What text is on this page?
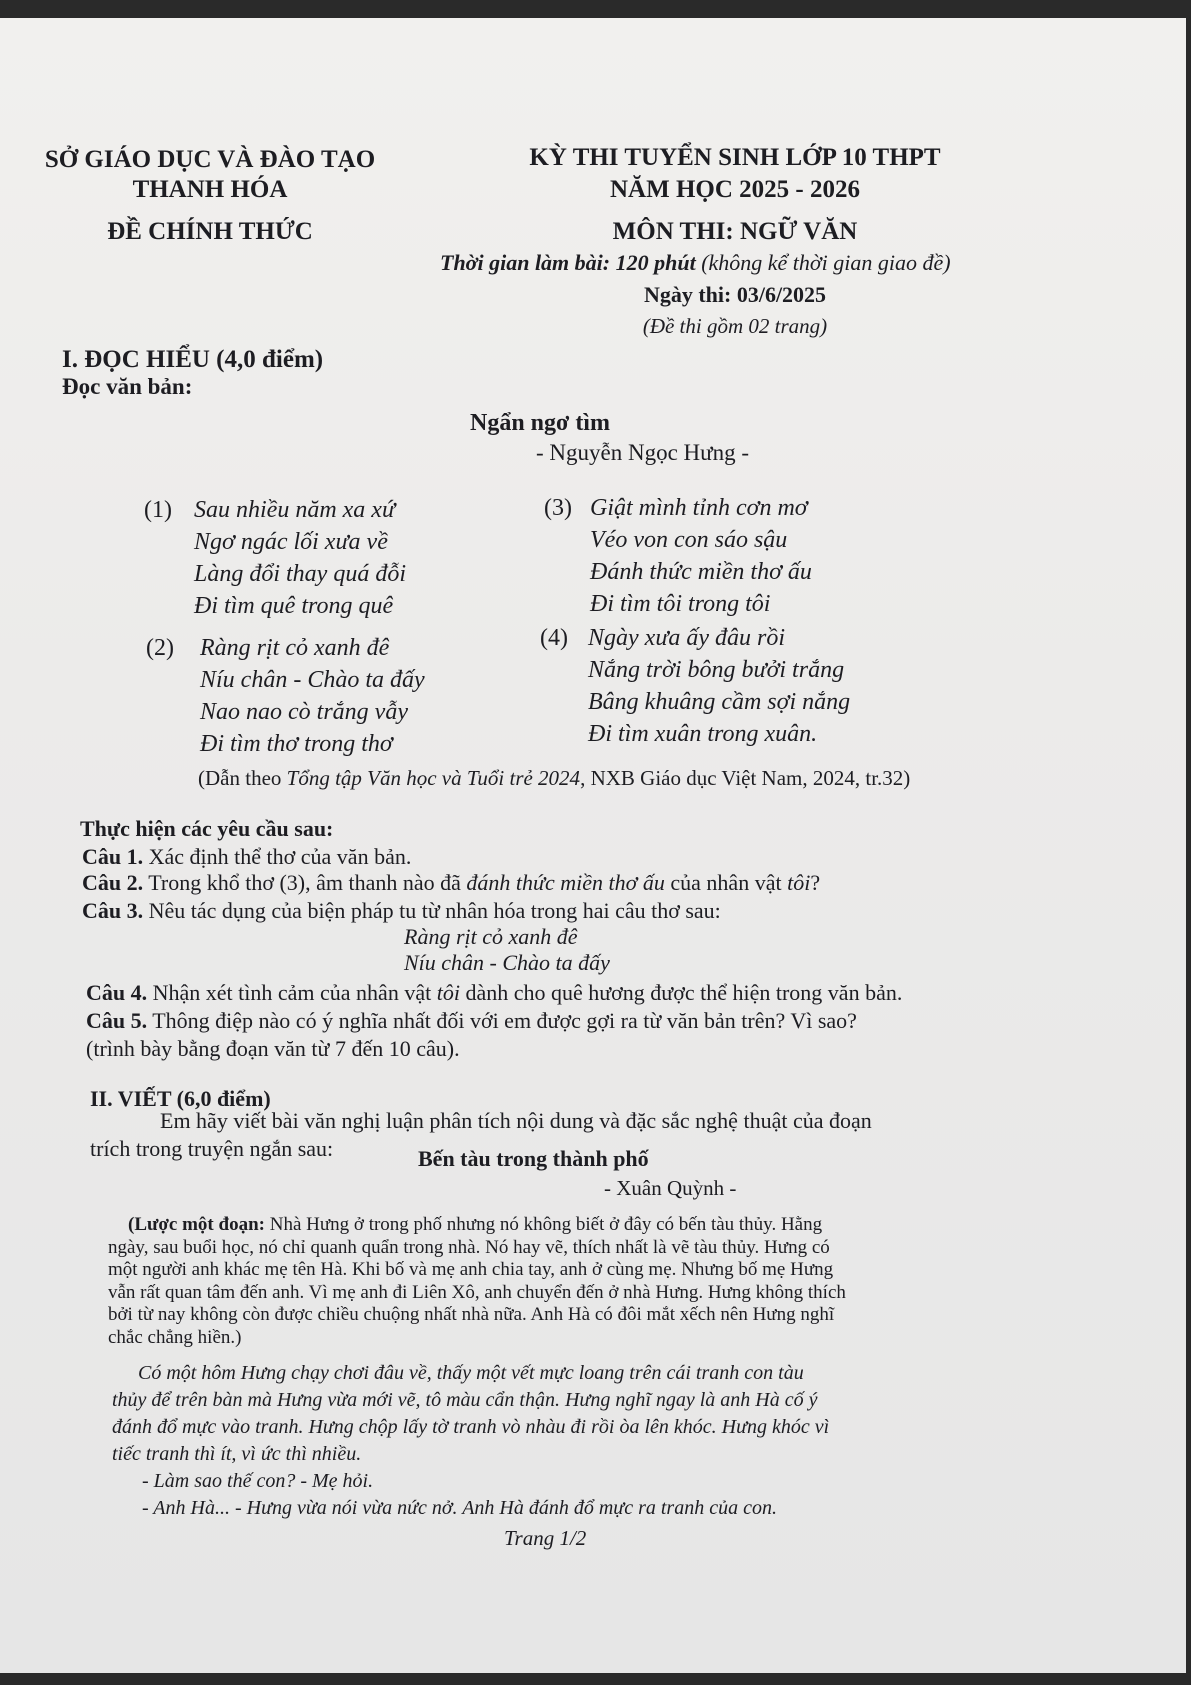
SỞ GIÁO DỤC VÀ ĐÀO TẠO
THANH HÓA
ĐỀ CHÍNH THỨC
KỲ THI TUYỂN SINH LỚP 10 THPT
NĂM HỌC 2025 - 2026
MÔN THI: NGỮ VĂN
Thời gian làm bài: 120 phút (không kể thời gian giao đề)
Ngày thi: 03/6/2025
(Đề thi gồm 02 trang)
I. ĐỌC HIỂU (4,0 điểm)
Đọc văn bản:
Ngẩn ngơ tìm
- Nguyễn Ngọc Hưng -
(1) Sau nhiều năm xa xứ
Ngơ ngác lối xưa về
Làng đổi thay quá đỗi
Đi tìm quê trong quê
(2) Ràng rịt cỏ xanh đê
Níu chân - Chào ta đấy
Nao nao cò trắng vẫy
Đi tìm thơ trong thơ
(3) Giật mình tỉnh cơn mơ
Véo von con sáo sậu
Đánh thức miền thơ ấu
Đi tìm tôi trong tôi
(4) Ngày xưa ấy đâu rồi
Nắng trời bông bưởi trắng
Bâng khuâng cầm sợi nắng
Đi tìm xuân trong xuân.
(Dẫn theo Tổng tập Văn học và Tuổi trẻ 2024, NXB Giáo dục Việt Nam, 2024, tr.32)
Thực hiện các yêu cầu sau:
Câu 1. Xác định thể thơ của văn bản.
Câu 2. Trong khổ thơ (3), âm thanh nào đã đánh thức miền thơ ấu của nhân vật tôi?
Câu 3. Nêu tác dụng của biện pháp tu từ nhân hóa trong hai câu thơ sau:
Ràng rịt cỏ xanh đê
Níu chân - Chào ta đấy
Câu 4. Nhận xét tình cảm của nhân vật tôi dành cho quê hương được thể hiện trong văn bản.
Câu 5. Thông điệp nào có ý nghĩa nhất đối với em được gợi ra từ văn bản trên? Vì sao?
(trình bày bằng đoạn văn từ 7 đến 10 câu).
II. VIẾT (6,0 điểm)
Em hãy viết bài văn nghị luận phân tích nội dung và đặc sắc nghệ thuật của đoạn
trích trong truyện ngắn sau:	Bến tàu trong thành phố
- Xuân Quỳnh -
(Lược một đoạn: Nhà Hưng ở trong phố nhưng nó không biết ở đây có bến tàu thủy. Hằng
ngày, sau buổi học, nó chỉ quanh quẩn trong nhà. Nó hay vẽ, thích nhất là vẽ tàu thủy. Hưng có
một người anh khác mẹ tên Hà. Khi bố và mẹ anh chia tay, anh ở cùng mẹ. Nhưng bố mẹ Hưng
vẫn rất quan tâm đến anh. Vì mẹ anh đi Liên Xô, anh chuyển đến ở nhà Hưng. Hưng không thích
bởi từ nay không còn được chiều chuộng nhất nhà nữa. Anh Hà có đôi mắt xếch nên Hưng nghĩ
chắc chẳng hiền.)
Có một hôm Hưng chạy chơi đâu về, thấy một vết mực loang trên cái tranh con tàu
thủy để trên bàn mà Hưng vừa mới vẽ, tô màu cẩn thận. Hưng nghĩ ngay là anh Hà cố ý
đánh đổ mực vào tranh. Hưng chộp lấy tờ tranh vò nhàu đi rồi òa lên khóc. Hưng khóc vì
tiếc tranh thì ít, vì ức thì nhiều.
- Làm sao thế con? - Mẹ hỏi.
- Anh Hà... - Hưng vừa nói vừa nức nở. Anh Hà đánh đổ mực ra tranh của con.
Trang 1/2
